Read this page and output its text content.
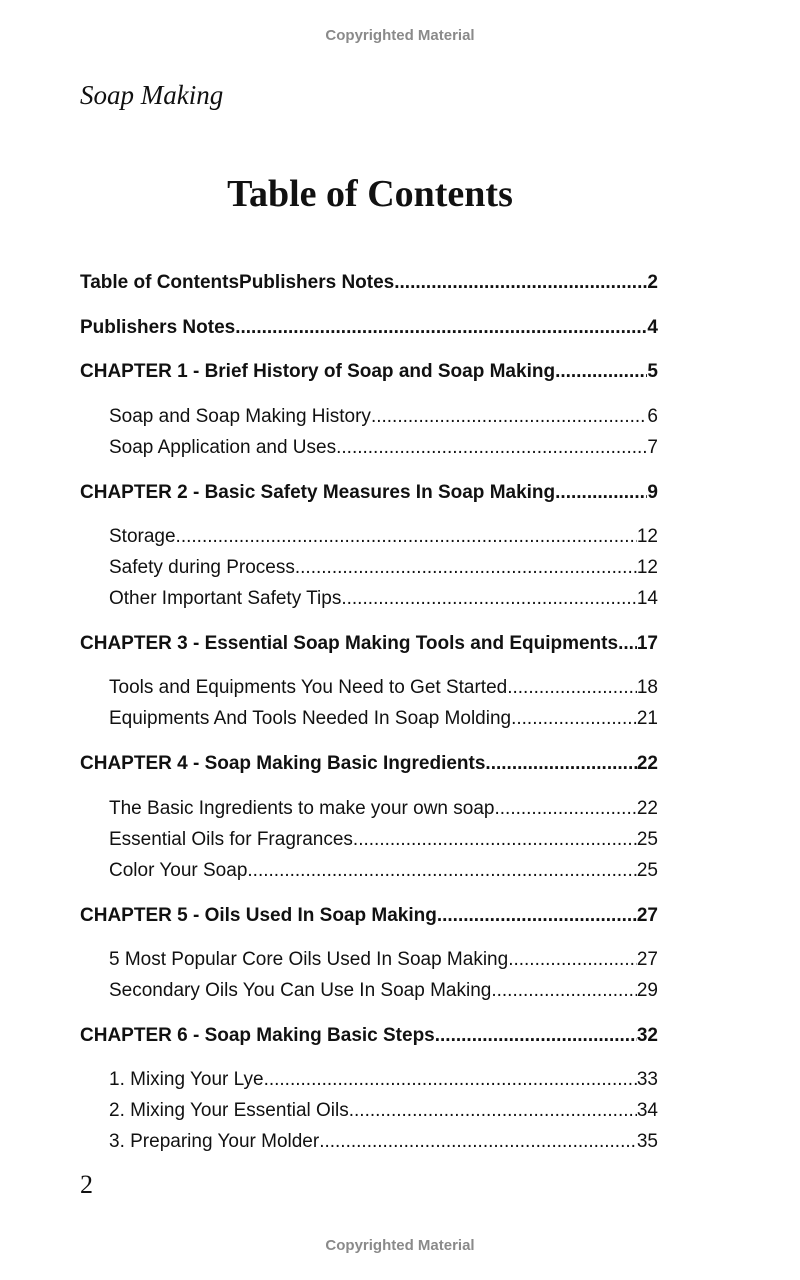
Copyrighted Material
Soap Making
Table of Contents
Table of ContentsPublishers Notes .....	2
Publishers Notes .....	4
CHAPTER 1 - Brief History of Soap and Soap Making .....	5
Soap and Soap Making History .....	6
Soap Application and Uses .....	7
CHAPTER 2 - Basic Safety Measures In Soap Making .....	9
Storage .....	12
Safety during Process .....	12
Other Important Safety Tips .....	14
CHAPTER 3 - Essential Soap Making Tools and Equipments ..... 17
Tools and Equipments You Need to Get Started .....	18
Equipments And Tools Needed In Soap Molding .....	21
CHAPTER 4 - Soap Making Basic Ingredients .....	22
The Basic Ingredients to make your own soap .....	22
Essential Oils for Fragrances .....	25
Color Your Soap .....	25
CHAPTER 5 - Oils Used In Soap Making .....	27
5 Most Popular Core Oils Used In Soap Making .....	27
Secondary Oils You Can Use In Soap Making .....	29
CHAPTER 6 - Soap Making Basic Steps .....	32
1. Mixing Your Lye .....	33
2. Mixing Your Essential Oils .....	34
3. Preparing Your Molder .....	35
2
Copyrighted Material
